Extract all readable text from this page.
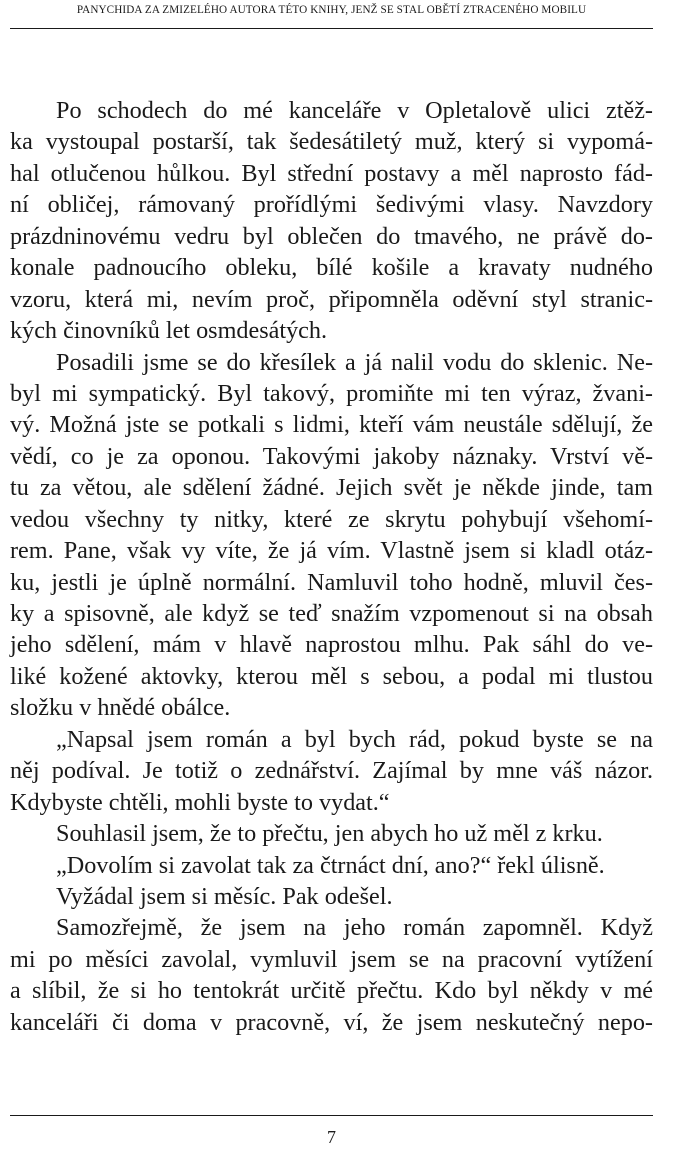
PANYCHIDA ZA ZMIZELÉHO AUTORA TÉTO KNIHY, JENŽ SE STAL OBĚTÍ ZTRACENÉHO MOBILU
Po schodech do mé kanceláře v Opletalově ulici ztěž-
ka vystoupal postarší, tak šedesátiletý muž, který si vypomá-
hal otlučenou hůlkou. Byl střední postavy a měl naprosto fád-
ní obličej, rámovaný prořídlými šedivými vlasy. Navzdory
prázdninovému vedru byl oblečen do tmavého, ne právě do-
konale padnoucího obleku, bílé košile a kravaty nudného
vzoru, která mi, nevím proč, připomněla oděvní styl stranic-
kých činovníků let osmdesátých.
Posadili jsme se do křesílek a já nalil vodu do sklenic. Ne-
byl mi sympatický. Byl takový, promiňte mi ten výraz, žvani-
vý. Možná jste se potkali s lidmi, kteří vám neustále sdělují, že
vědí, co je za oponou. Takovými jakoby náznaky. Vrství vě-
tu za větou, ale sdělení žádné. Jejich svět je někde jinde, tam
vedou všechny ty nitky, které ze skrytu pohybují všehomí-
rem. Pane, však vy víte, že já vím. Vlastně jsem si kladl otáz-
ku, jestli je úplně normální. Namluvil toho hodně, mluvil čes-
ky a spisovně, ale když se teď snažím vzpomenout si na obsah
jeho sdělení, mám v hlavě naprostou mlhu. Pak sáhl do ve-
liké kožené aktovky, kterou měl s sebou, a podal mi tlustou
složku v hnědé obálce.
„Napsal jsem román a byl bych rád, pokud byste se na
něj podíval. Je totiž o zednářství. Zajímal by mne váš názor.
Kdybyste chtěli, mohli byste to vydat.“
Souhlasil jsem, že to přečtu, jen abych ho už měl z krku.
„Dovolím si zavolat tak za čtrnáct dní, ano?“ řekl úlisně.
Vyžádal jsem si měsíc. Pak odešel.
Samozřejmě, že jsem na jeho román zapomněl. Když
mi po měsíci zavolal, vymluvil jsem se na pracovní vytížení
a slíbil, že si ho tentokrát určitě přečtu. Kdo byl někdy v mé
kanceláři či doma v pracovně, ví, že jsem neskutečný nepo-
7
